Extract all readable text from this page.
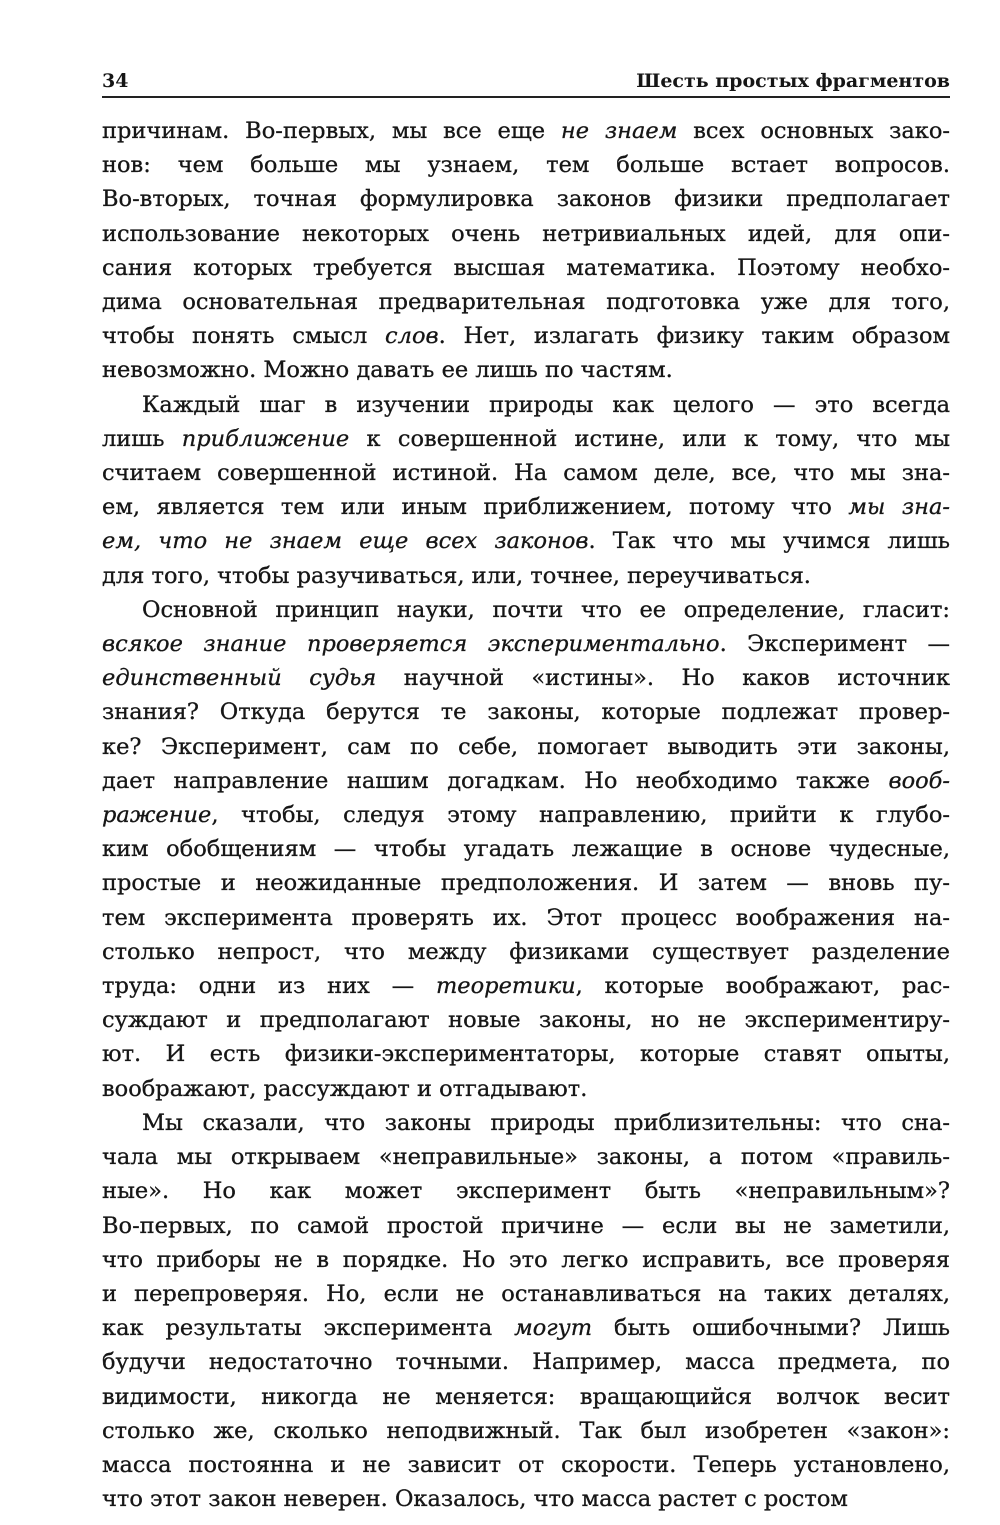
34	Шесть простых фрагментов

причинам. Во-первых, мы все еще не знаем всех основных зако-
нов: чем больше мы узнаем, тем больше встает вопросов.
Во-вторых, точная формулировка законов физики предполагает
использование некоторых очень нетривиальных идей, для опи-
сания которых требуется высшая математика. Поэтому необхо-
дима основательная предварительная подготовка уже для того,
чтобы понять смысл слов. Нет, излагать физику таким образом
невозможно. Можно давать ее лишь по частям.

Каждый шаг в изучении природы как целого — это всегда
лишь приближение к совершенной истине, или к тому, что мы
считаем совершенной истиной. На самом деле, все, что мы зна-
ем, является тем или иным приближением, потому что мы зна-
ем, что не знаем еще всех законов. Так что мы учимся лишь
для того, чтобы разучиваться, или, точнее, переучиваться.

Основной принцип науки, почти что ее определение, гласит:
всякое знание проверяется экспериментально. Эксперимент —
единственный судья научной «истины». Но каков источник
знания? Откуда берутся те законы, которые подлежат провер-
ке? Эксперимент, сам по себе, помогает выводить эти законы,
дает направление нашим догадкам. Но необходимо также вооб-
ражение, чтобы, следуя этому направлению, прийти к глубо-
ким обобщениям — чтобы угадать лежащие в основе чудесные,
простые и неожиданные предположения. И затем — вновь пу-
тем эксперимента проверять их. Этот процесс воображения на-
столько непрост, что между физиками существует разделение
труда: одни из них — теоретики, которые воображают, рас-
суждают и предполагают новые законы, но не экспериментиру-
ют. И есть физики-экспериментаторы, которые ставят опыты,
воображают, рассуждают и отгадывают.

Мы сказали, что законы природы приблизительны: что сна-
чала мы открываем «неправильные» законы, а потом «правиль-
ные». Но как может эксперимент быть «неправильным»?
Во-первых, по самой простой причине — если вы не заметили,
что приборы не в порядке. Но это легко исправить, все проверяя
и перепроверяя. Но, если не останавливаться на таких деталях,
как результаты эксперимента могут быть ошибочными? Лишь
будучи недостаточно точными. Например, масса предмета, по
видимости, никогда не меняется: вращающийся волчок весит
столько же, сколько неподвижный. Так был изобретен «закон»:
масса постоянна и не зависит от скорости. Теперь установлено,
что этот закон неверен. Оказалось, что масса растет с ростом
